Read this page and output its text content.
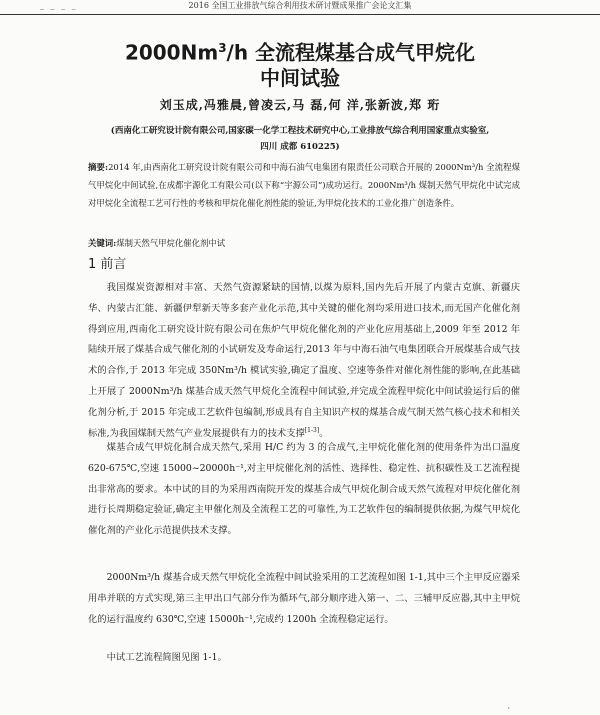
_ _ _ _	2016 全国工业排放气综合利用技术研讨暨成果推广会论文汇集
2000Nm$^3$/h 全流程煤基合成气甲烷化
中间试验
刘玉成,冯雅晨,曾凌云,马 磊,何 洋,张新波,郑 珩
(西南化工研究设计院有限公司,国家碳一化学工程技术研究中心,工业排放气综合利用国家重点实验室,
四川 成都 610225)
摘要:2014 年,由西南化工研究设计院有限公司和中海石油气电集团有限责任公司联合开展的 2000Nm³/h 全流程煤气甲烷化中间试验,在成都宇源化工有限公司(以下称“宇源公司”)成功运行。2000Nm³/h 煤制天然气甲烷化中试完成对甲烷化全流程工艺可行性的考核和甲烷化催化剂性能的验证,为甲烷化技术的工业化推广创造条件。
关键词:煤制天然气甲烷化催化剂中试
1 前言
我国煤炭资源相对丰富、天然气资源紧缺的国情,以煤为原料,国内先后开展了内蒙古克旗、新疆庆华、内蒙古汇能、新疆伊犁新天等多套产业化示范,其中关键的催化剂均采用进口技术,而无国产化催化剂得到应用,西南化工研究设计院有限公司在焦炉气甲烷化催化剂的产业化应用基础上,2009 年至 2012 年陆续开展了煤基合成气催化剂的小试研发及寿命运行,2013 年与中海石油气电集团联合开展煤基合成气技术的合作,于 2013 年完成 350Nm³/h 模试实验,确定了温度、空速等条件对催化剂性能的影响,在此基础上开展了 2000Nm³/h 煤基合成天然气甲烷化全流程中间试验,并完成全流程甲烷化中间试验运行后的催化剂分析,于 2015 年完成工艺软件包编制,形成具有自主知识产权的煤基合成气制天然气核心技术和相关标准,为我国煤制天然气产业发展提供有力的技术支撑[1-3]。
煤基合成气甲烷化制合成天然气,采用 H/C 约为 3 的合成气,主甲烷化催化剂的使用条件为出口温度 620-675℃,空速 15000~20000h⁻¹,对主甲烷催化剂的活性、选择性、稳定性、抗积碳性及工艺流程提出非常高的要求。本中试的目的为采用西南院开发的煤基合成气甲烷化制合成天然气流程对甲烷化催化剂进行长周期稳定验证,确定主甲催化剂及全流程工艺的可靠性,为工艺软件包的编制提供依据,为煤气甲烷化催化剂的产业化示范提供技术支撑。
2000Nm³/h 煤基合成天然气甲烷化全流程中间试验采用的工艺流程如图 1-1,其中三个主甲反应器采用串并联的方式实现,第三主甲出口气部分作为循环气,部分顺序进入第一、二、三辅甲反应器,其中主甲烷化的运行温度约 630℃,空速 15000h⁻¹,完成约 1200h 全流程稳定运行。
中试工艺流程简图见图 1-1。
·
